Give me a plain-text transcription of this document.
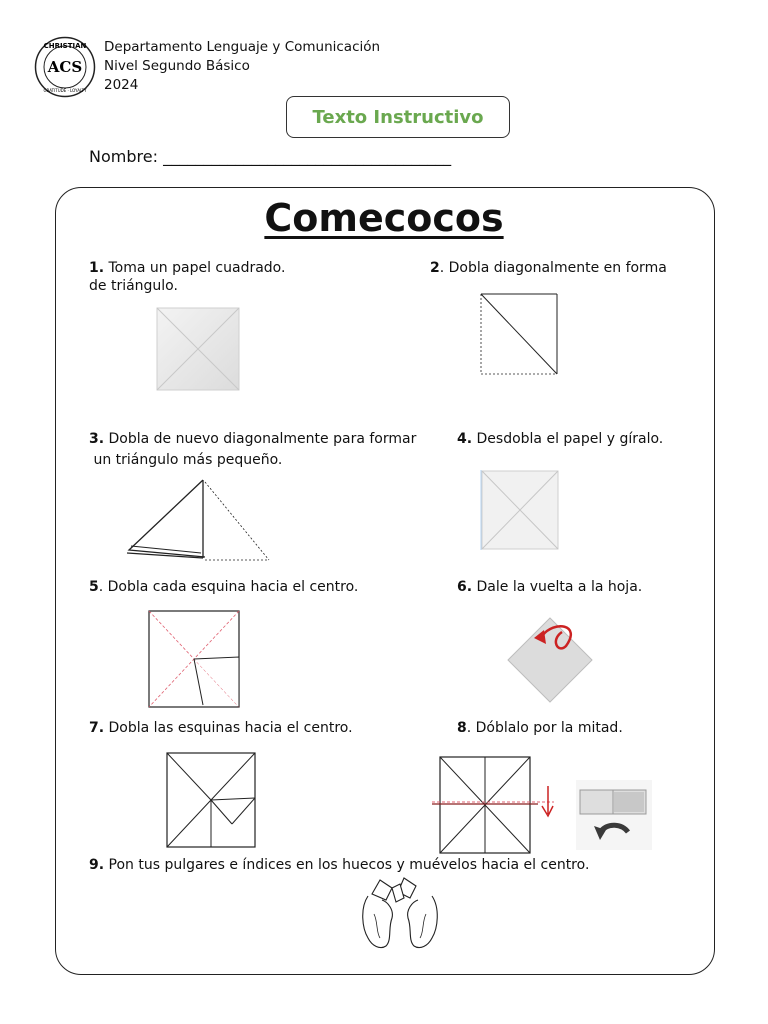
CHRISTIAN
ACS
GRATITUDE · LOYALTY
Departamento Lenguaje y Comunicación
Nivel Segundo Básico
2024
Texto Instructivo
Nombre: ____________________________________
Comecocos
1. Toma un papel cuadrado.
de triángulo.
2. Dobla diagonalmente en forma
3. Dobla de nuevo diagonalmente para formar
un triángulo más pequeño.
4. Desdobla el papel y gíralo.
5. Dobla cada esquina hacia el centro.	6. Dale la vuelta a la hoja.
7. Dobla las esquinas hacia el centro.	8. Dóblalo por la mitad.
9. Pon tus pulgares e índices en los huecos y muévelos hacia el centro.
